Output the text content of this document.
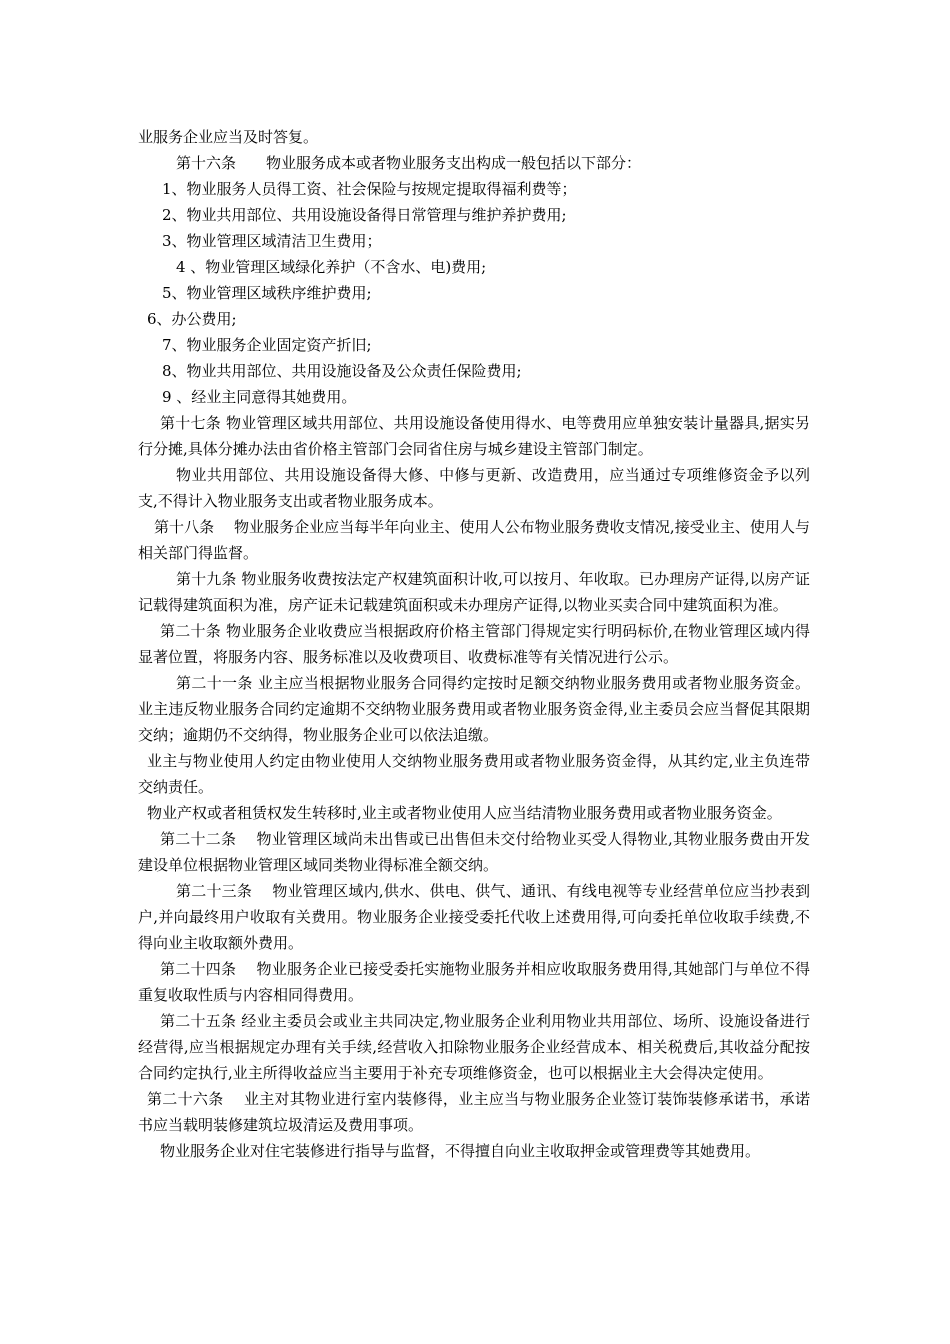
业服务企业应当及时答复。

第十六条　　物业服务成本或者物业服务支出构成一般包括以下部分：

1、物业服务人员得工资、社会保险与按规定提取得福利费等；

2、物业共用部位、共用设施设备得日常管理与维护养护费用;

3、物业管理区域清洁卫生费用；

4 、物业管理区域绿化养护（不含水、电)费用;

5、物业管理区域秩序维护费用;

6、办公费用;

7、物业服务企业固定资产折旧;

8、物业共用部位、共用设施设备及公众责任保险费用;

9 、经业主同意得其她费用。

第十七条 物业管理区域共用部位、共用设施设备使用得水、电等费用应单独安装计量器具,据实另行分摊,具体分摊办法由省价格主管部门会同省住房与城乡建设主管部门制定。

物业共用部位、共用设施设备得大修、中修与更新、改造费用，应当通过专项维修资金予以列支,不得计入物业服务支出或者物业服务成本。

第十八条　 物业服务企业应当每半年向业主、使用人公布物业服务费收支情况,接受业主、使用人与相关部门得监督。

第十九条 物业服务收费按法定产权建筑面积计收,可以按月、年收取。已办理房产证得,以房产证记载得建筑面积为准，房产证未记载建筑面积或未办理房产证得,以物业买卖合同中建筑面积为准。

第二十条 物业服务企业收费应当根据政府价格主管部门得规定实行明码标价,在物业管理区域内得显著位置，将服务内容、服务标准以及收费项目、收费标准等有关情况进行公示。

第二十一条 业主应当根据物业服务合同得约定按时足额交纳物业服务费用或者物业服务资金。业主违反物业服务合同约定逾期不交纳物业服务费用或者物业服务资金得,业主委员会应当督促其限期交纳；逾期仍不交纳得，物业服务企业可以依法追缴。

业主与物业使用人约定由物业使用人交纳物业服务费用或者物业服务资金得，从其约定,业主负连带交纳责任。

物业产权或者租赁权发生转移时,业主或者物业使用人应当结清物业服务费用或者物业服务资金。

第二十二条　 物业管理区域尚未出售或已出售但未交付给物业买受人得物业,其物业服务费由开发建设单位根据物业管理区域同类物业得标准全额交纳。

第二十三条　 物业管理区域内,供水、供电、供气、通讯、有线电视等专业经营单位应当抄表到户,并向最终用户收取有关费用。物业服务企业接受委托代收上述费用得,可向委托单位收取手续费,不得向业主收取额外费用。

第二十四条　 物业服务企业已接受委托实施物业服务并相应收取服务费用得,其她部门与单位不得重复收取性质与内容相同得费用。

第二十五条 经业主委员会或业主共同决定,物业服务企业利用物业共用部位、场所、设施设备进行经营得,应当根据规定办理有关手续,经营收入扣除物业服务企业经营成本、相关税费后,其收益分配按合同约定执行,业主所得收益应当主要用于补充专项维修资金，也可以根据业主大会得决定使用。

第二十六条　 业主对其物业进行室内装修得，业主应当与物业服务企业签订装饰装修承诺书，承诺书应当载明装修建筑垃圾清运及费用事项。

物业服务企业对住宅装修进行指导与监督，不得擅自向业主收取押金或管理费等其她费用。
